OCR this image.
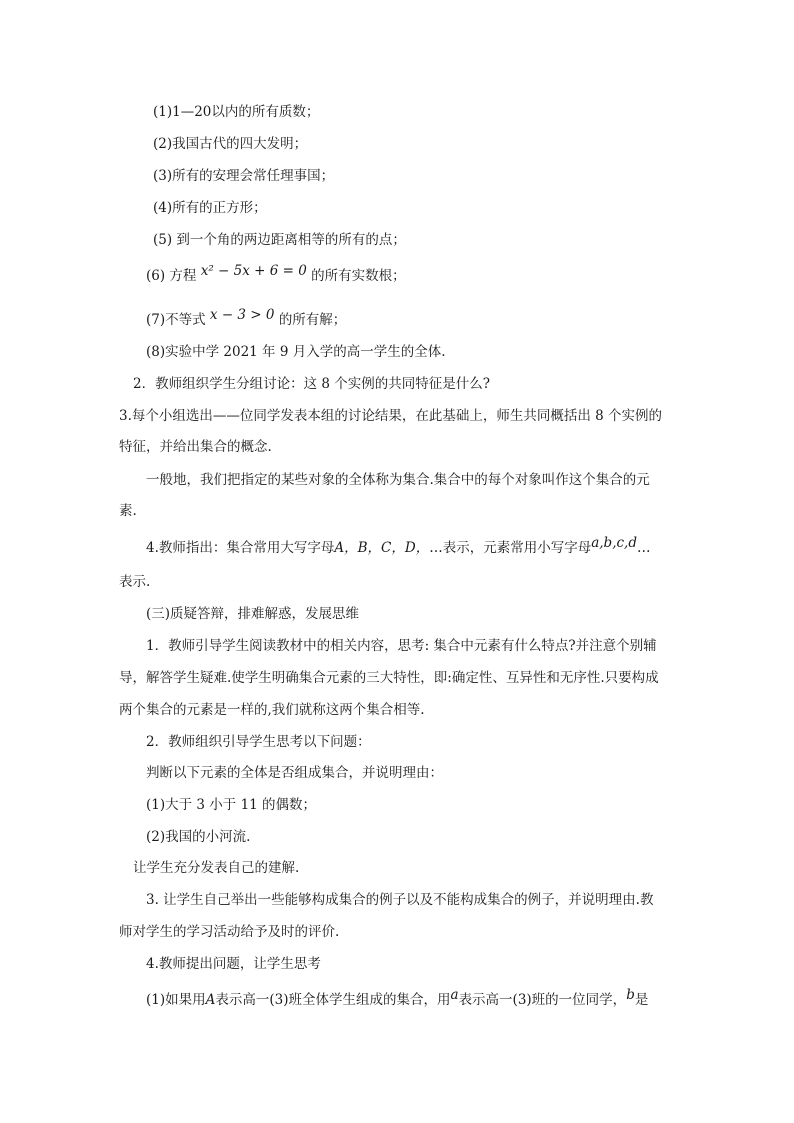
(1)1—20以内的所有质数；
(2)我国古代的四大发明；
(3)所有的安理会常任理事国；
(4)所有的正方形；
(5) 到一个角的两边距离相等的所有的点；
(6) 方程 x² − 5x + 6 = 0 的所有实数根；
(7)不等式 x − 3 > 0 的所有解；
(8)实验中学 2021 年 9 月入学的高一学生的全体.
2．教师组织学生分组讨论：这 8 个实例的共同特征是什么?
3.每个小组选出——位同学发表本组的讨论结果，在此基础上，师生共同概括出 8 个实例的
特征，并给出集合的概念.
一般地，我们把指定的某些对象的全体称为集合.集合中的每个对象叫作这个集合的元
素.
4.教师指出：集合常用大写字母A，B，C，D，…表示，元素常用小写字母a,b,c,d…
表示.
(三)质疑答辩，排难解惑，发展思维
1．教师引导学生阅读教材中的相关内容，思考: 集合中元素有什么特点?并注意个别辅
导，解答学生疑难.使学生明确集合元素的三大特性，即:确定性、互异性和无序性.只要构成
两个集合的元素是一样的,我们就称这两个集合相等.
2．教师组织引导学生思考以下问题：
判断以下元素的全体是否组成集合，并说明理由：
(1)大于 3 小于 11 的偶数；
(2)我国的小河流.
让学生充分发表自己的建解.
3. 让学生自己举出一些能够构成集合的例子以及不能构成集合的例子，并说明理由.教
师对学生的学习活动给予及时的评价.
4.教师提出问题，让学生思考
(1)如果用A表示高一(3)班全体学生组成的集合，用a表示高一(3)班的一位同学，b是
